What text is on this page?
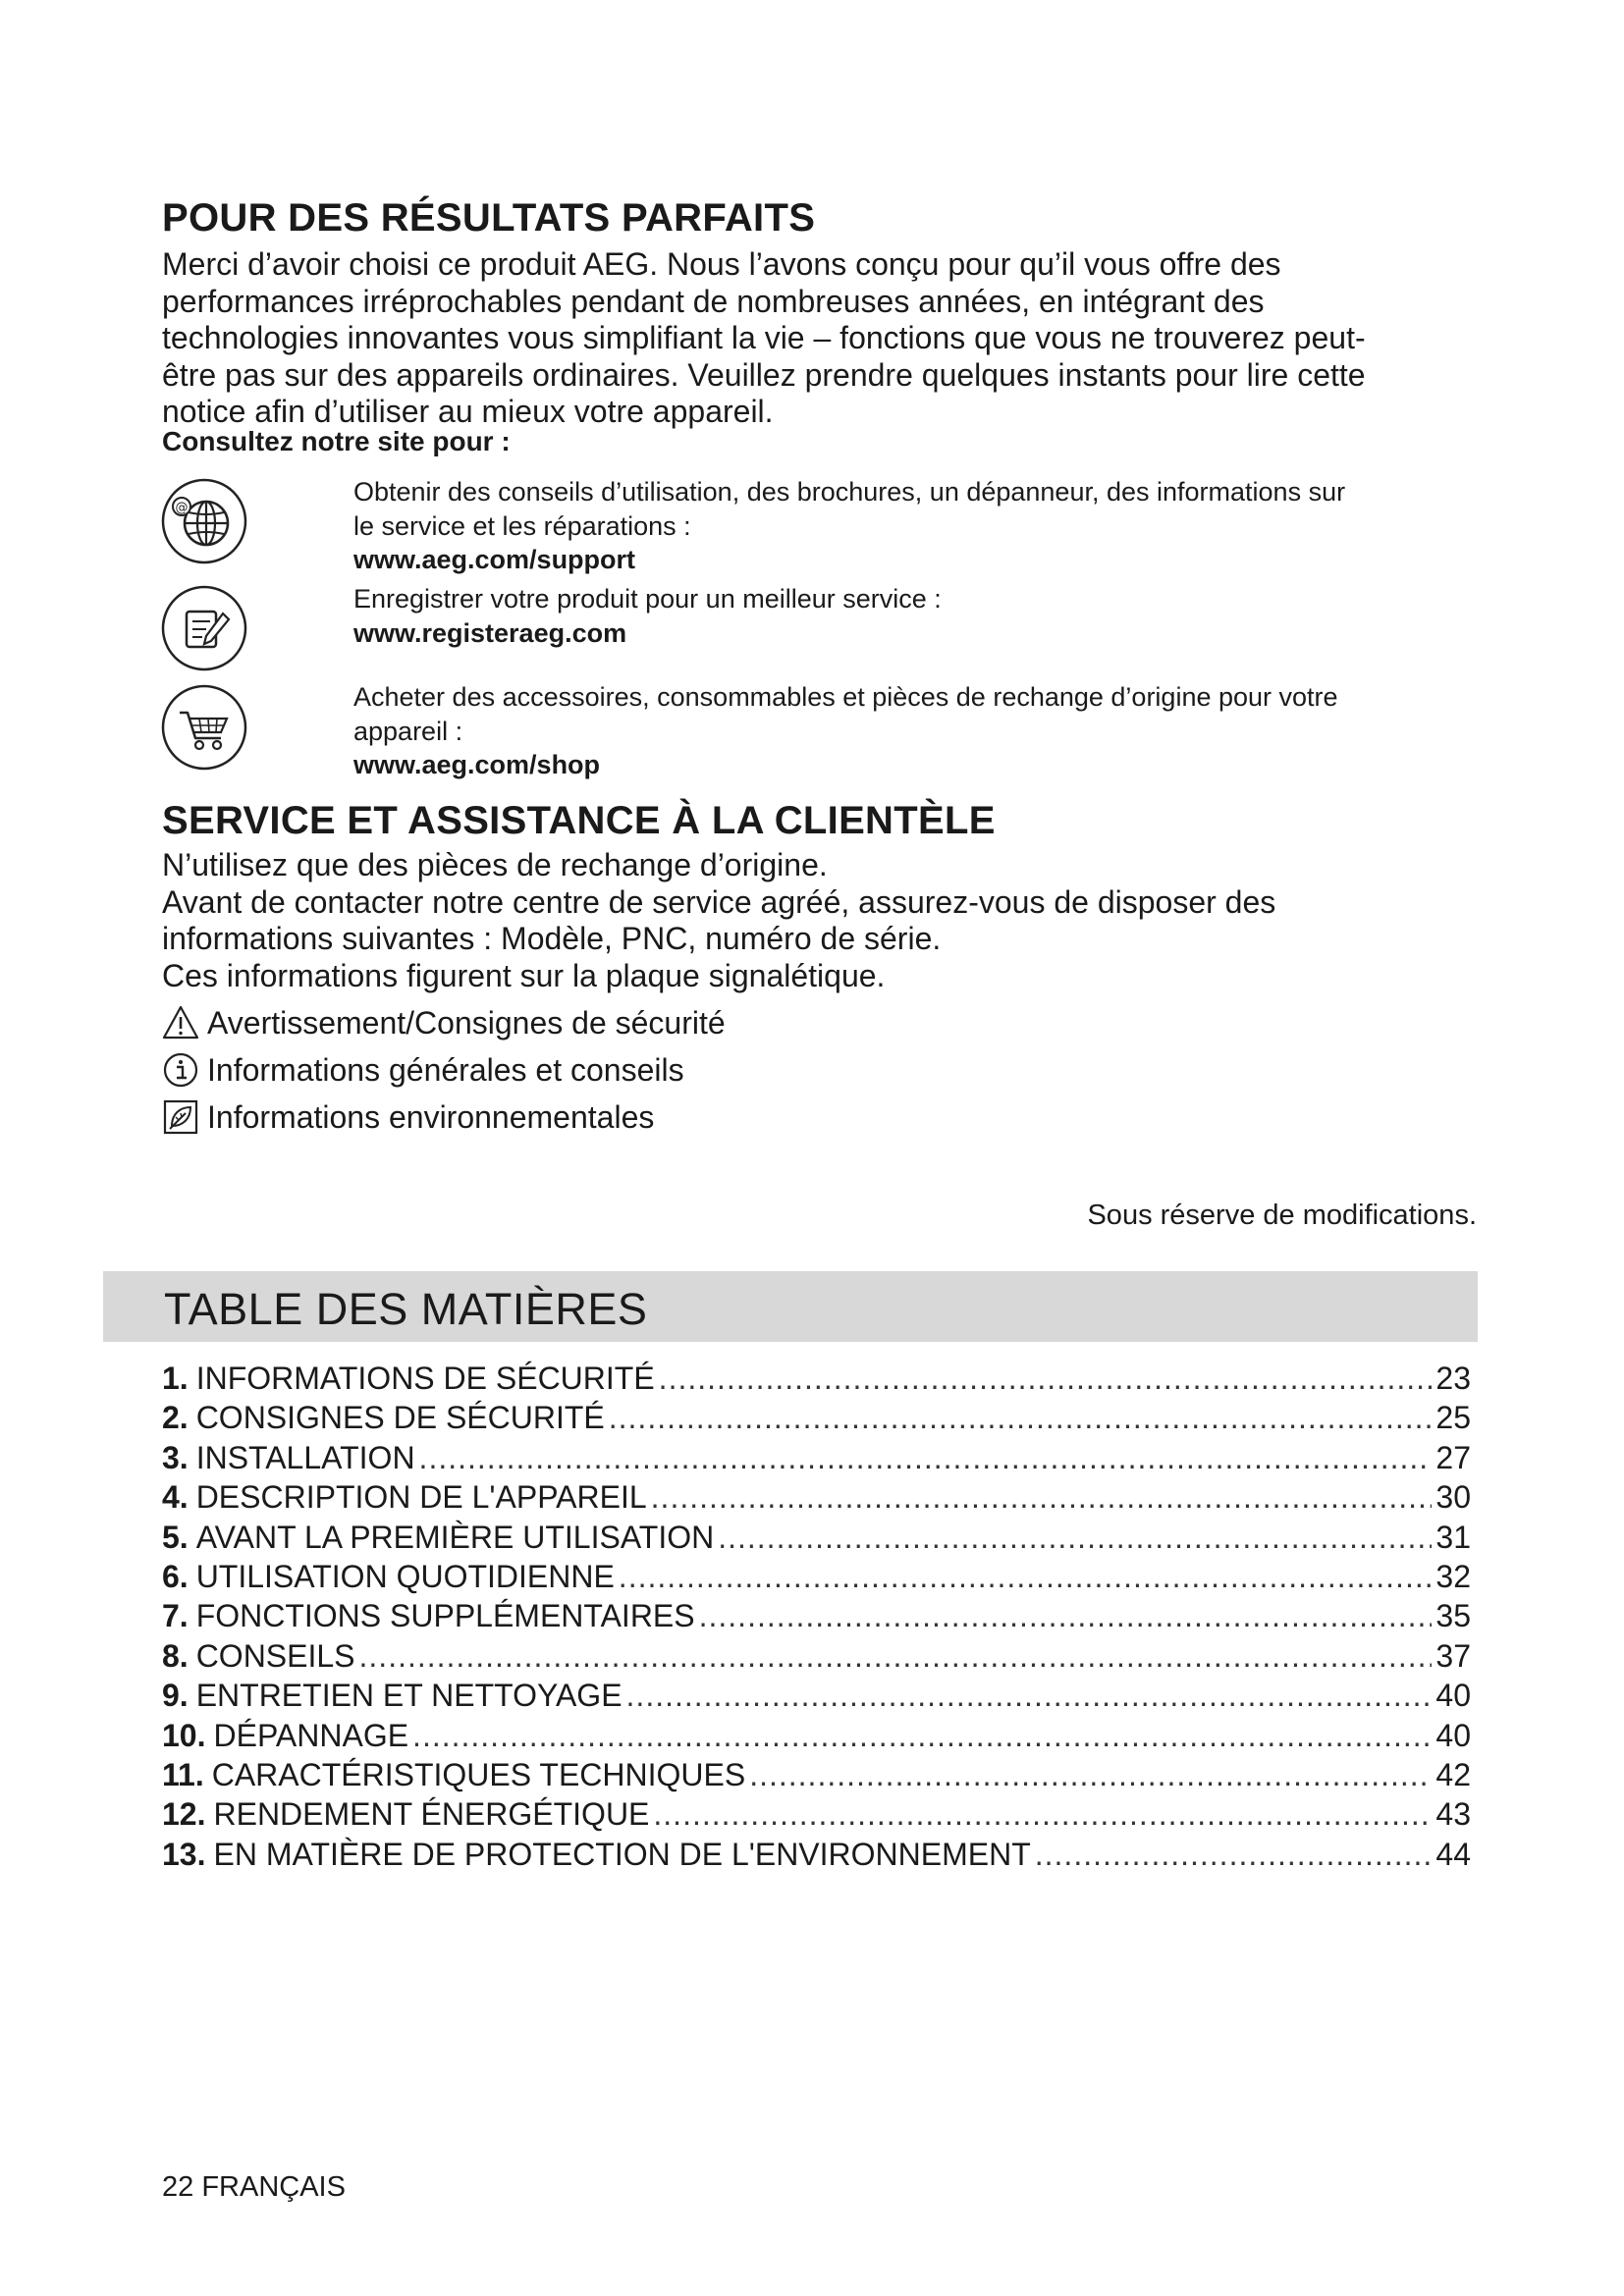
POUR DES RÉSULTATS PARFAITS

Merci d’avoir choisi ce produit AEG. Nous l’avons conçu pour qu’il vous offre des

performances irréprochables pendant de nombreuses années, en intégrant des

technologies innovantes vous simplifiant la vie – fonctions que vous ne trouverez peut-

être pas sur des appareils ordinaires. Veuillez prendre quelques instants pour lire cette

notice afin d’utiliser au mieux votre appareil.

Consultez notre site pour :
@

Obtenir des conseils d’utilisation, des brochures, un dépanneur, des informations sur

le service et les réparations :

www.aeg.com/support

Enregistrer votre produit pour un meilleur service :

www.registeraeg.com

Acheter des accessoires, consommables et pièces de rechange d’origine pour votre

appareil :

www.aeg.com/shop

SERVICE ET ASSISTANCE À LA CLIENTÈLE

N’utilisez que des pièces de rechange d’origine.

Avant de contacter notre centre de service agréé, assurez-vous de disposer des

informations suivantes : Modèle, PNC, numéro de série.

Ces informations figurent sur la plaque signalétique.

Avertissement/Consignes de sécurité
Informations générales et conseils
Informations environnementales
Sous réserve de modifications.
TABLE DES MATIÈRES
1. INFORMATIONS DE SÉCURITÉ .....	23
2. CONSIGNES DE SÉCURITÉ .....	25
3. INSTALLATION .....	27
4. DESCRIPTION DE L'APPAREIL .....	30
5. AVANT LA PREMIÈRE UTILISATION .....	31
6. UTILISATION QUOTIDIENNE .....	32
7. FONCTIONS SUPPLÉMENTAIRES .....	35
8. CONSEILS .....	37
9. ENTRETIEN ET NETTOYAGE .....	40
10. DÉPANNAGE .....	40
11. CARACTÉRISTIQUES TECHNIQUES .....	42
12. RENDEMENT ÉNERGÉTIQUE .....	43
13. EN MATIÈRE DE PROTECTION DE L'ENVIRONNEMENT .....	44
22 FRANÇAIS
